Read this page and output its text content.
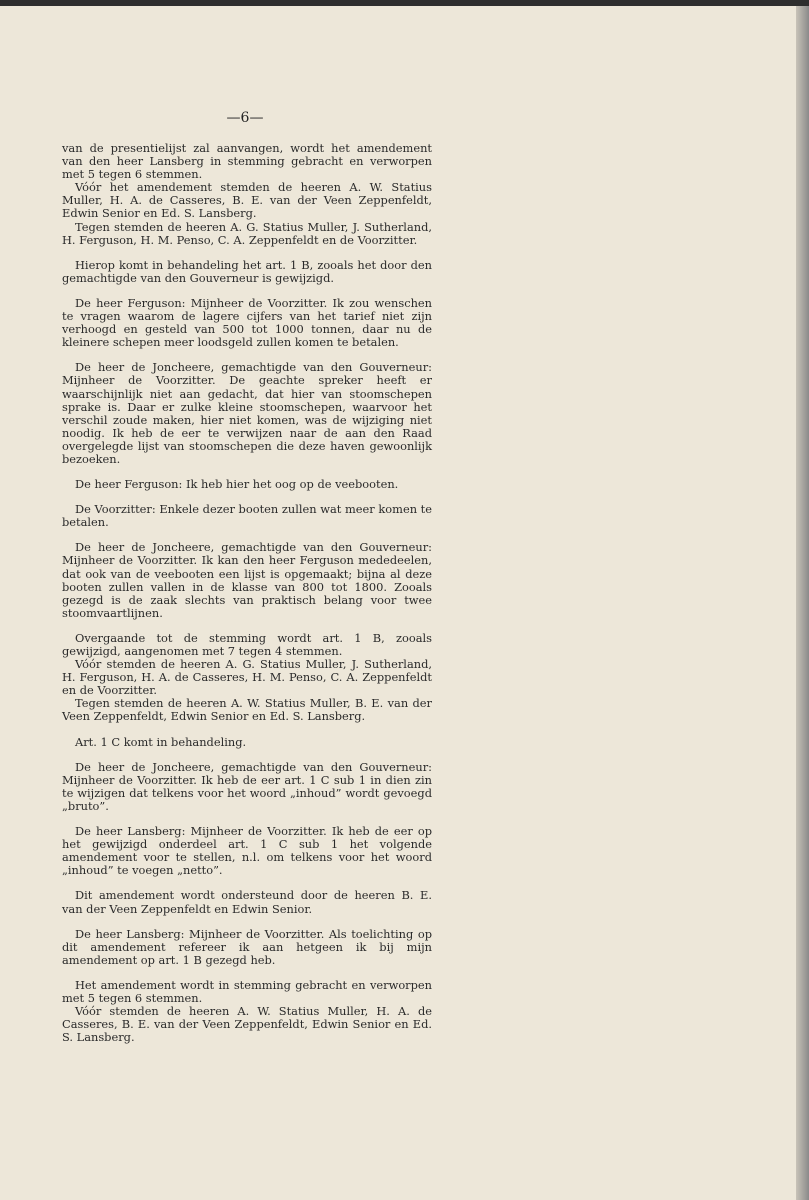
—6—

van de presentielijst zal aanvangen, wordt het amendement van den heer Lansberg in stemming gebracht en verworpen met 5 tegen 6 stemmen.

Vóór het amendement stemden de heeren A. W. Statius Muller, H. A. de Casseres, B. E. van der Veen Zeppenfeldt, Edwin Senior en Ed. S. Lansberg.

Tegen stemden de heeren A. G. Statius Muller, J. Sutherland, H. Ferguson, H. M. Penso, C. A. Zeppenfeldt en de Voorzitter.

Hierop komt in behandeling het art. 1 B, zooals het door den gemachtigde van den Gouverneur is gewijzigd.

De heer Ferguson: Mijnheer de Voorzitter. Ik zou wenschen te vragen waarom de lagere cijfers van het tarief niet zijn verhoogd en gesteld van 500 tot 1000 tonnen, daar nu de kleinere schepen meer loodsgeld zullen komen te betalen.

De heer de Joncheere, gemachtigde van den Gouverneur: Mijnheer de Voorzitter. De geachte spreker heeft er waarschijnlijk niet aan gedacht, dat hier van stoomschepen sprake is. Daar er zulke kleine stoomschepen, waarvoor het verschil zoude maken, hier niet komen, was de wijziging niet noodig. Ik heb de eer te verwijzen naar de aan den Raad overgelegde lijst van stoomschepen die deze haven gewoonlijk bezoeken.

De heer Ferguson: Ik heb hier het oog op de veebooten.

De Voorzitter: Enkele dezer booten zullen wat meer komen te betalen.

De heer de Joncheere, gemachtigde van den Gouverneur: Mijnheer de Voorzitter. Ik kan den heer Ferguson mededeelen, dat ook van de veebooten een lijst is opgemaakt; bijna al deze booten zullen vallen in de klasse van 800 tot 1800. Zooals gezegd is de zaak slechts van praktisch belang voor twee stoomvaartlijnen.

Overgaande tot de stemming wordt art. 1 B, zooals gewijzigd, aangenomen met 7 tegen 4 stemmen.

Vóór stemden de heeren A. G. Statius Muller, J. Sutherland, H. Ferguson, H. A. de Casseres, H. M. Penso, C. A. Zeppenfeldt en de Voorzitter.

Tegen stemden de heeren A. W. Statius Muller, B. E. van der Veen Zeppenfeldt, Edwin Senior en Ed. S. Lansberg.

Art. 1 C komt in behandeling.

De heer de Joncheere, gemachtigde van den Gouverneur: Mijnheer de Voorzitter. Ik heb de eer art. 1 C sub 1 in dien zin te wijzigen dat telkens voor het woord „inhoud” wordt gevoegd „bruto”.

De heer Lansberg: Mijnheer de Voorzitter. Ik heb de eer op het gewijzigd onderdeel art. 1 C sub 1 het volgende amendement voor te stellen, n.l. om telkens voor het woord „inhoud” te voegen „netto”.

Dit amendement wordt ondersteund door de heeren B. E. van der Veen Zeppenfeldt en Edwin Senior.

De heer Lansberg: Mijnheer de Voorzitter. Als toelichting op dit amendement refereer ik aan hetgeen ik bij mijn amendement op art. 1 B gezegd heb.

Het amendement wordt in stemming gebracht en verworpen met 5 tegen 6 stemmen.

Vóór stemden de heeren A. W. Statius Muller, H. A. de Casseres, B. E. van der Veen Zeppenfeldt, Edwin Senior en Ed. S. Lansberg.
